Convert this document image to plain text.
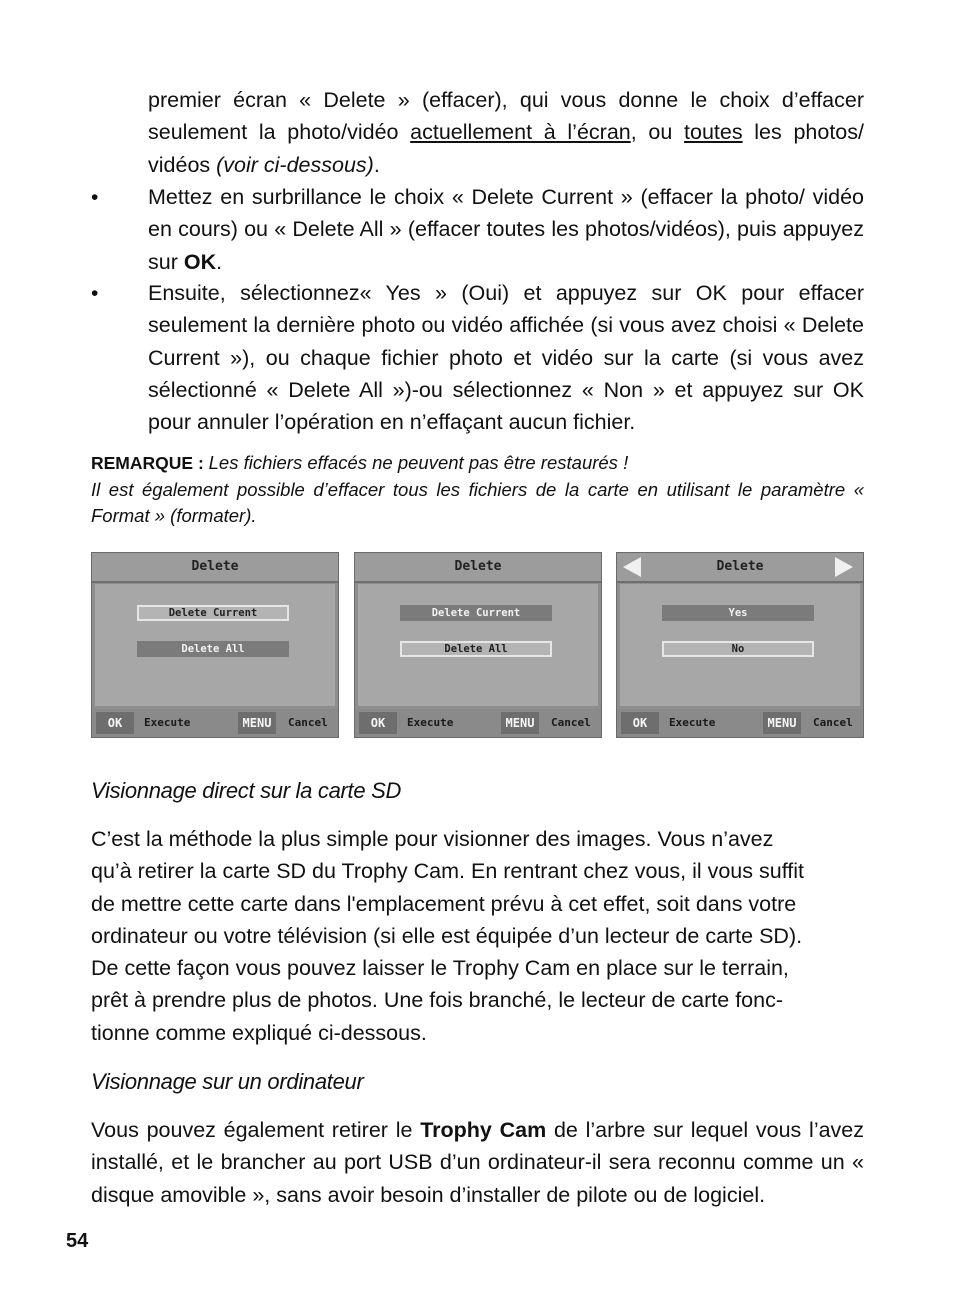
premier écran « Delete » (effacer), qui vous donne le choix d’effacer seulement la photo/vidéo actuellement à l’écran, ou toutes les photos/ vidéos (voir ci-dessous).
• Mettez en surbrillance le choix « Delete Current » (effacer la photo/ vidéo en cours) ou « Delete All » (effacer toutes les photos/vidéos), puis appuyez sur OK.
• Ensuite, sélectionnez« Yes » (Oui) et appuyez sur OK pour effacer seulement la dernière photo ou vidéo affichée (si vous avez choisi « Delete Current »), ou chaque fichier photo et vidéo sur la carte (si vous avez sélectionné « Delete All »)-ou sélectionnez « Non » et appuyez sur OK pour annuler l’opération en n’effaçant aucun fichier.
REMARQUE : Les fichiers effacés ne peuvent pas être restaurés !
Il est également possible d’effacer tous les fichiers de la carte en utilisant le paramètre « Format » (formater).
Delete
Delete Current
Delete All
OK	Execute	MENU	Cancel
Delete
Delete Current
Delete All
OK	Execute	MENU	Cancel
Delete
Yes
No
OK	Execute	MENU	Cancel
Visionnage direct sur la carte SD
C’est la méthode la plus simple pour visionner des images. Vous n’avez
qu’à retirer la carte SD du Trophy Cam. En rentrant chez vous, il vous suffit
de mettre cette carte dans l'emplacement prévu à cet effet, soit dans votre
ordinateur ou votre télévision (si elle est équipée d’un lecteur de carte SD).
De cette façon vous pouvez laisser le Trophy Cam en place sur le terrain,
prêt à prendre plus de photos. Une fois branché, le lecteur de carte fonc-
tionne comme expliqué ci-dessous.
Visionnage sur un ordinateur
Vous pouvez également retirer le Trophy Cam de l’arbre sur lequel vous l’avez installé, et le brancher au port USB d’un ordinateur-il sera reconnu comme un « disque amovible », sans avoir besoin d’installer de pilote ou de logiciel.
54
